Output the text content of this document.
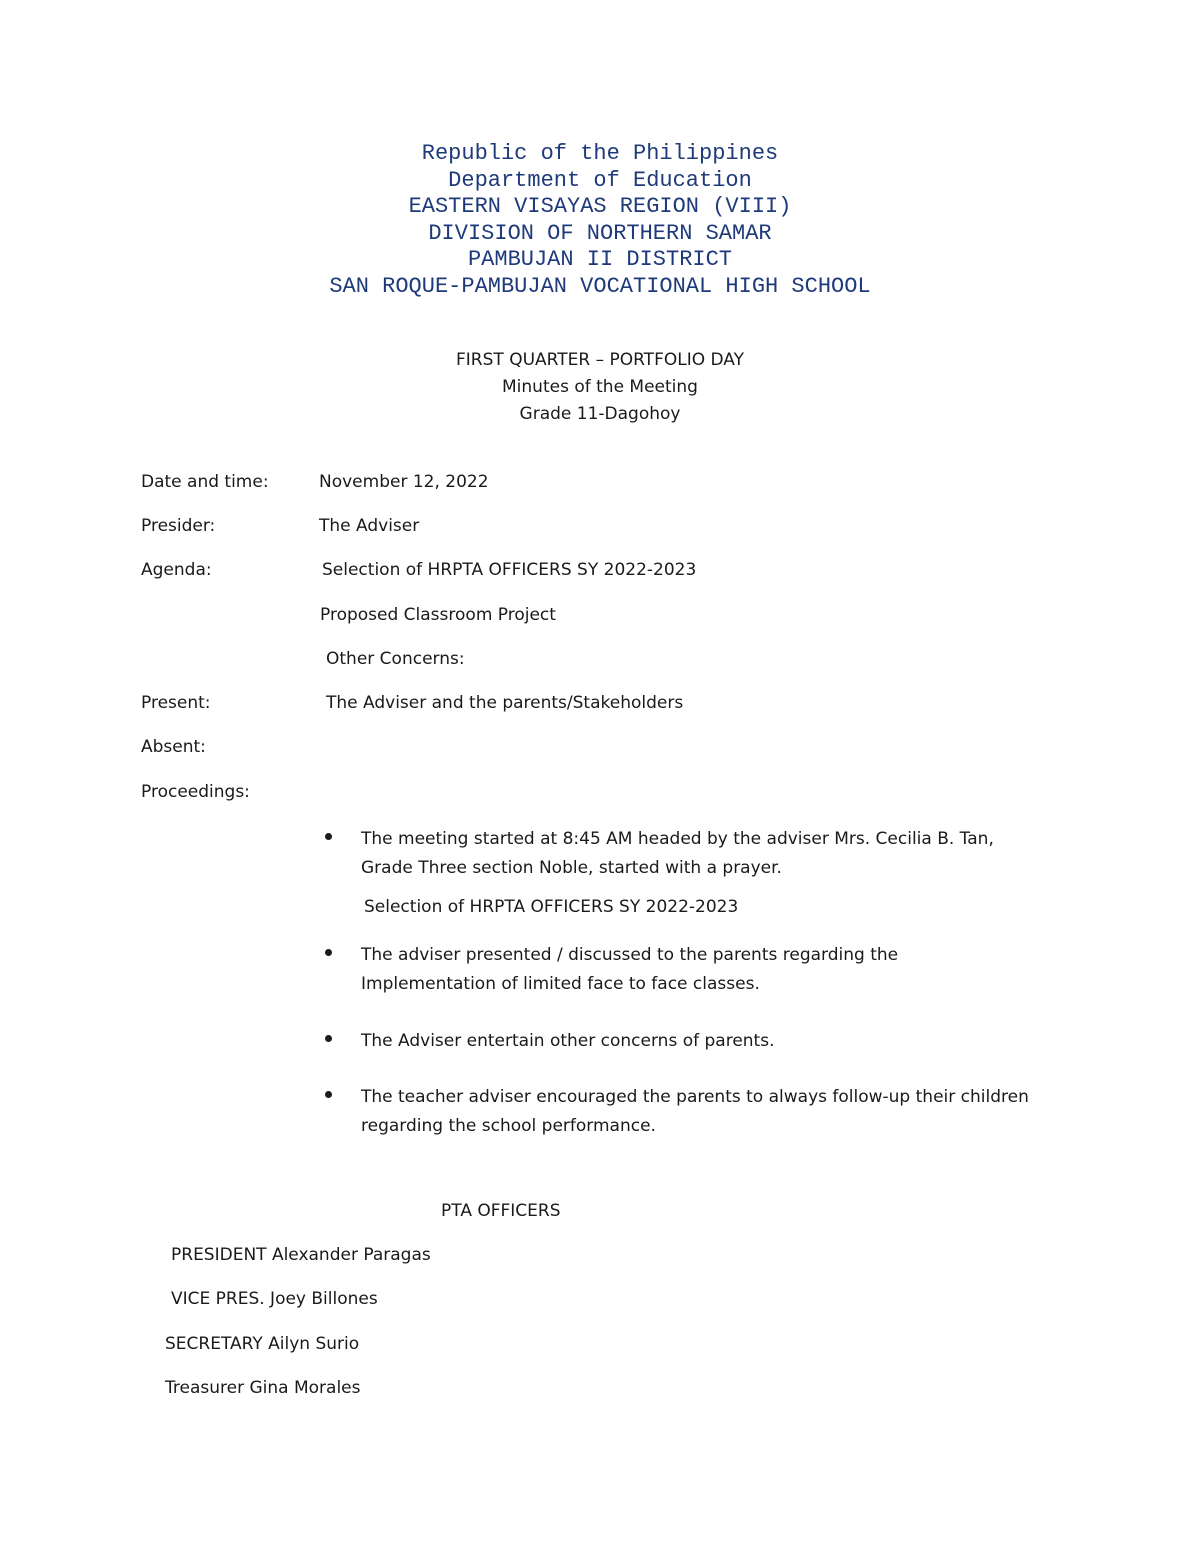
Republic of the Philippines
Department of Education
EASTERN VISAYAS REGION (VIII)
DIVISION OF NORTHERN SAMAR
PAMBUJAN II DISTRICT
SAN ROQUE-PAMBUJAN VOCATIONAL HIGH SCHOOL
FIRST QUARTER – PORTFOLIO DAY
Minutes of the Meeting
Grade 11-Dagohoy
Date and time:	November 12, 2022
Presider:	The Adviser
Agenda:	Selection of HRPTA OFFICERS SY 2022-2023
Proposed Classroom Project
Other Concerns:
Present:	The Adviser and the parents/Stakeholders
Absent:
Proceedings:
The meeting started at 8:45 AM headed by the adviser Mrs. Cecilia B. Tan,
Grade Three section Noble, started with a prayer.
Selection of HRPTA OFFICERS SY 2022-2023
The adviser presented / discussed to the parents regarding the
Implementation of limited face to face classes.
The Adviser entertain other concerns of parents.
The teacher adviser encouraged the parents to always follow-up their children
regarding the school performance.
PTA OFFICERS
PRESIDENT Alexander Paragas
VICE PRES. Joey Billones
SECRETARY Ailyn Surio
Treasurer Gina Morales
